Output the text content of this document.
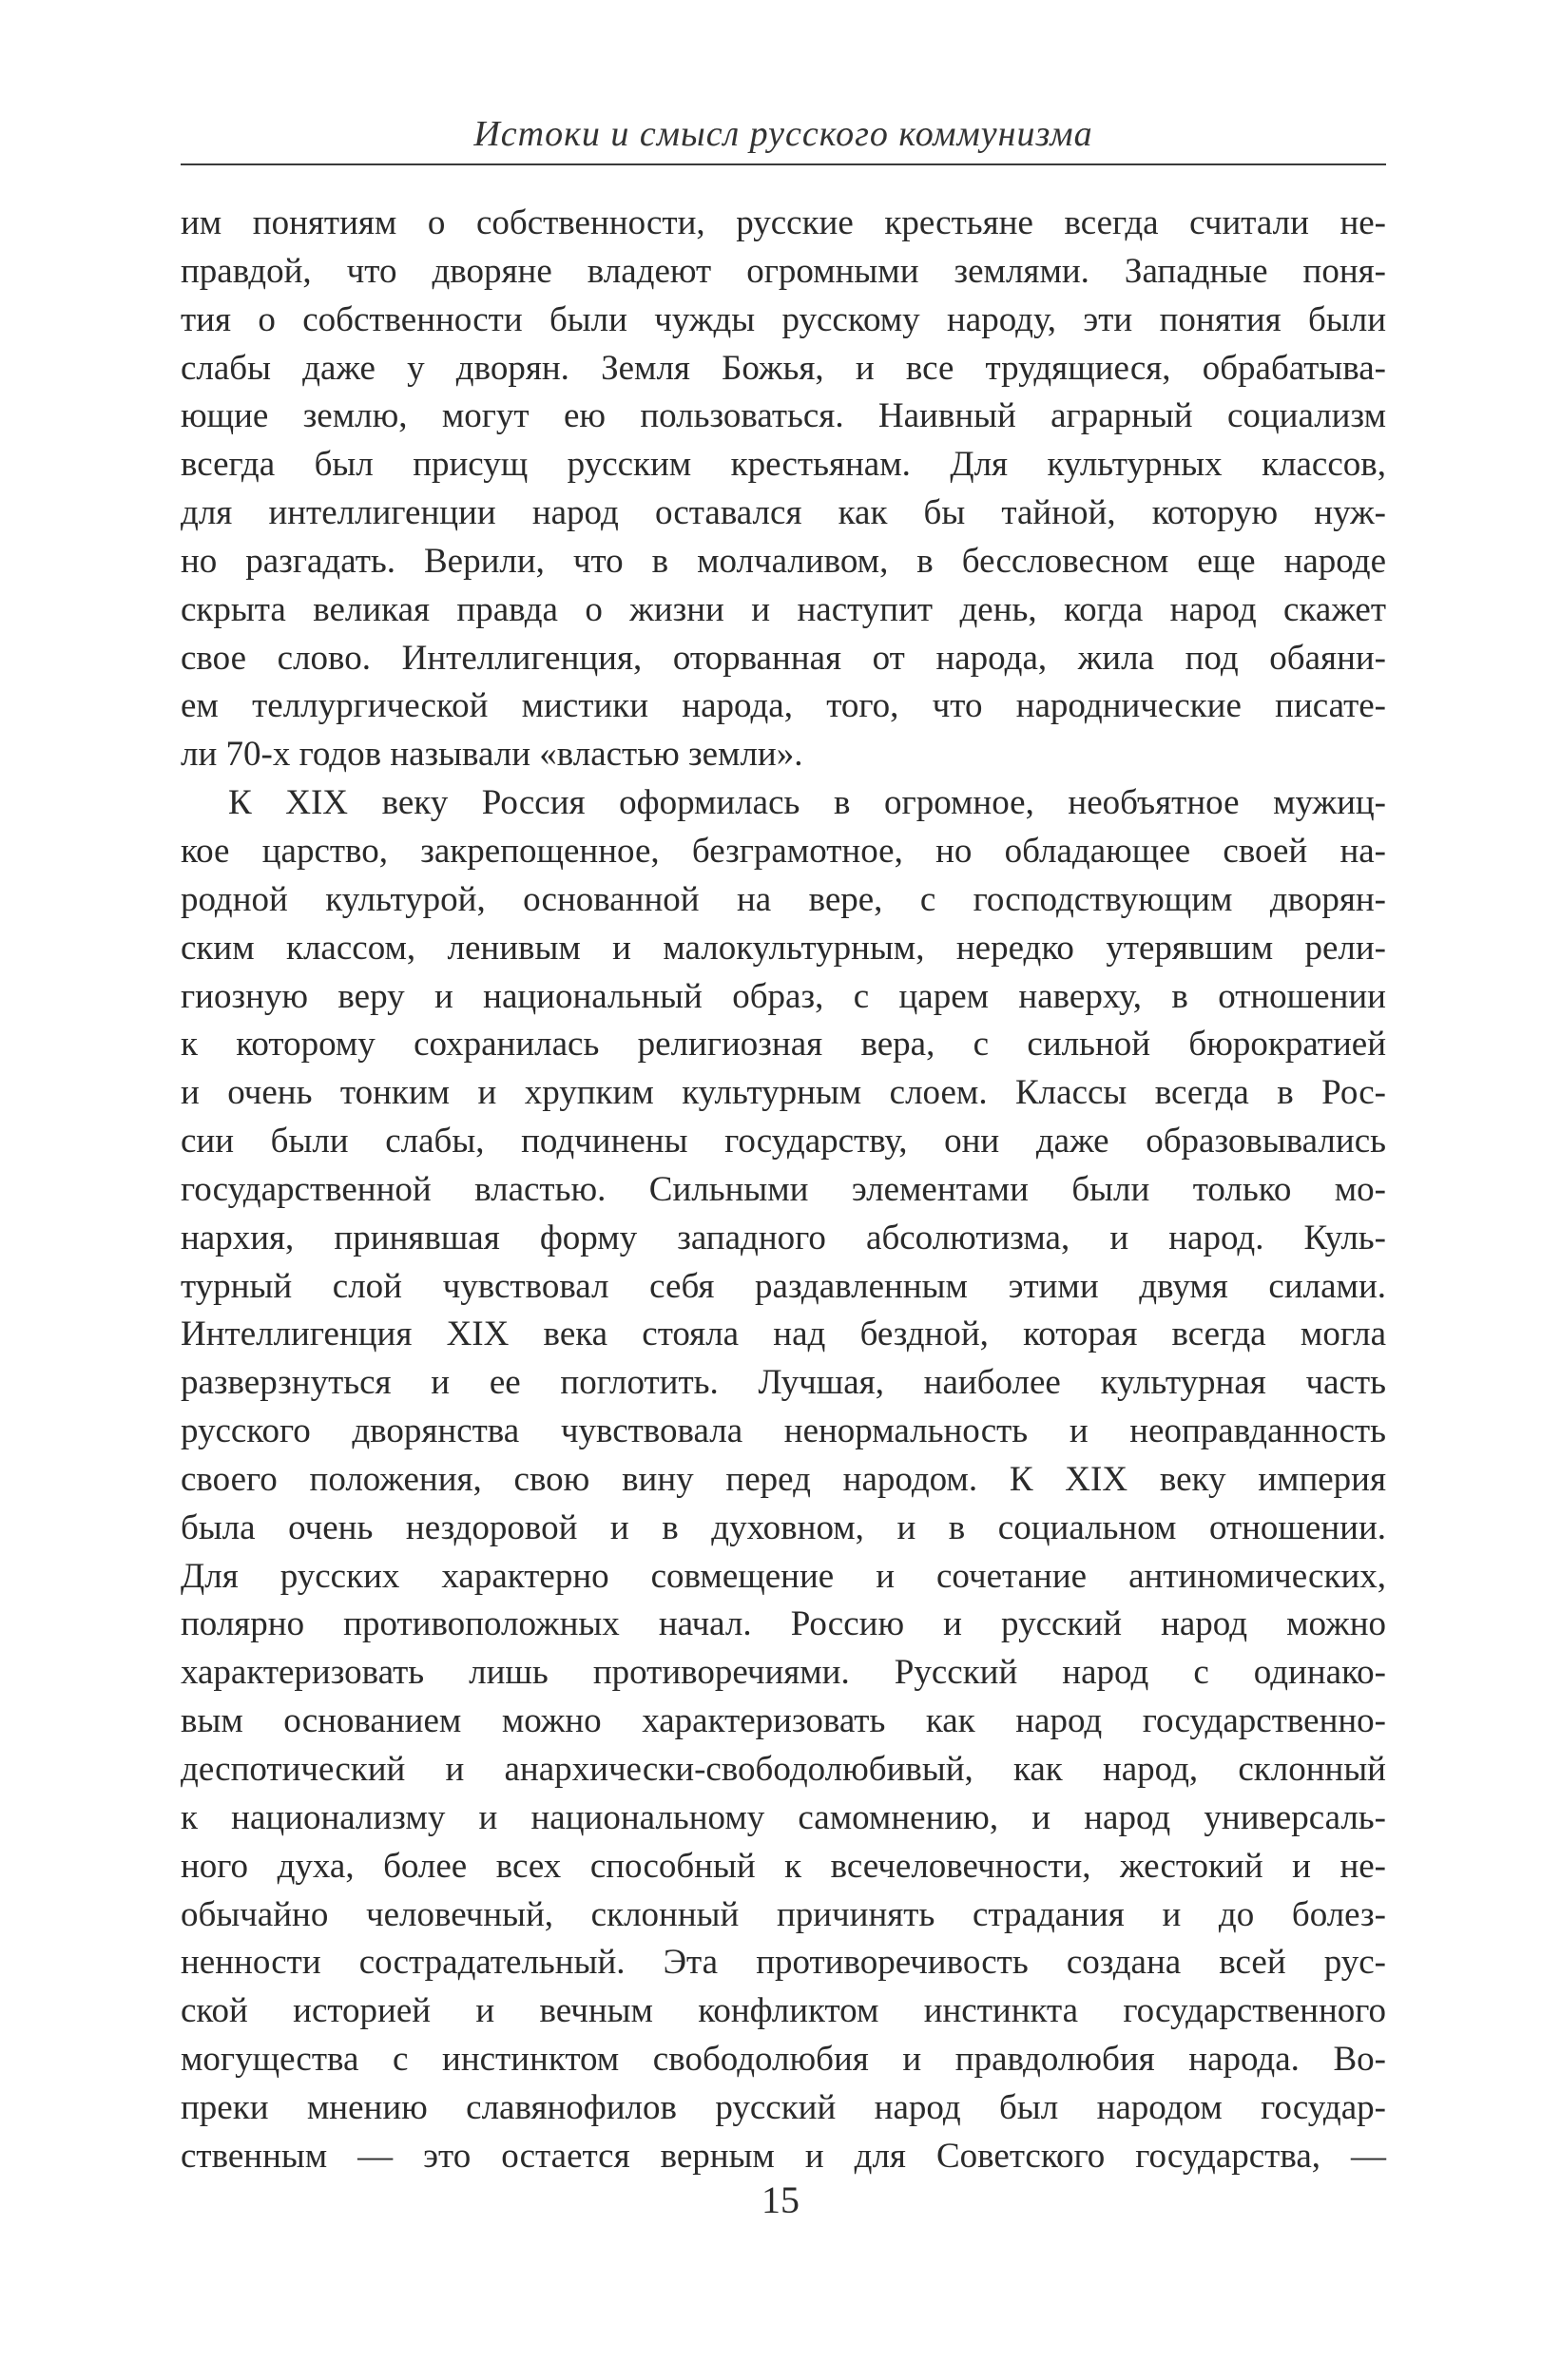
Истоки и смысл русского коммунизма
им понятиям о собственности, русские крестьяне всегда считали не-
правдой, что дворяне владеют огромными землями. Западные поня-
тия о собственности были чужды русскому народу, эти понятия были
слабы даже у дворян. Земля Божья, и все трудящиеся, обрабатыва-
ющие землю, могут ею пользоваться. Наивный аграрный социализм
всегда был присущ русским крестьянам. Для культурных классов,
для интеллигенции народ оставался как бы тайной, которую нуж-
но разгадать. Верили, что в молчаливом, в бессловесном еще народе
скрыта великая правда о жизни и наступит день, когда народ скажет
свое слово. Интеллигенция, оторванная от народа, жила под обаяни-
ем теллургической мистики народа, того, что народнические писате-
ли 70-х годов называли «властью земли».
К XIX веку Россия оформилась в огромное, необъятное мужиц-
кое царство, закрепощенное, безграмотное, но обладающее своей на-
родной культурой, основанной на вере, с господствующим дворян-
ским классом, ленивым и малокультурным, нередко утерявшим рели-
гиозную веру и национальный образ, с царем наверху, в отношении
к которому сохранилась религиозная вера, с сильной бюрократией
и очень тонким и хрупким культурным слоем. Классы всегда в Рос-
сии были слабы, подчинены государству, они даже образовывались
государственной властью. Сильными элементами были только мо-
нархия, принявшая форму западного абсолютизма, и народ. Куль-
турный слой чувствовал себя раздавленным этими двумя силами.
Интеллигенция XIX века стояла над бездной, которая всегда могла
разверзнуться и ее поглотить. Лучшая, наиболее культурная часть
русского дворянства чувствовала ненормальность и неоправданность
своего положения, свою вину перед народом. К XIX веку империя
была очень нездоровой и в духовном, и в социальном отношении.
Для русских характерно совмещение и сочетание антиномических,
полярно противоположных начал. Россию и русский народ можно
характеризовать лишь противоречиями. Русский народ с одинако-
вым основанием можно характеризовать как народ государственно-
деспотический и анархически-свободолюбивый, как народ, склонный
к национализму и национальному самомнению, и народ универсаль-
ного духа, более всех способный к всечеловечности, жестокий и не-
обычайно человечный, склонный причинять страдания и до болез-
ненности сострадательный. Эта противоречивость создана всей рус-
ской историей и вечным конфликтом инстинкта государственного
могущества с инстинктом свободолюбия и правдолюбия народа. Во-
преки мнению славянофилов русский народ был народом государ-
ственным — это остается верным и для Советского государства, —
15
